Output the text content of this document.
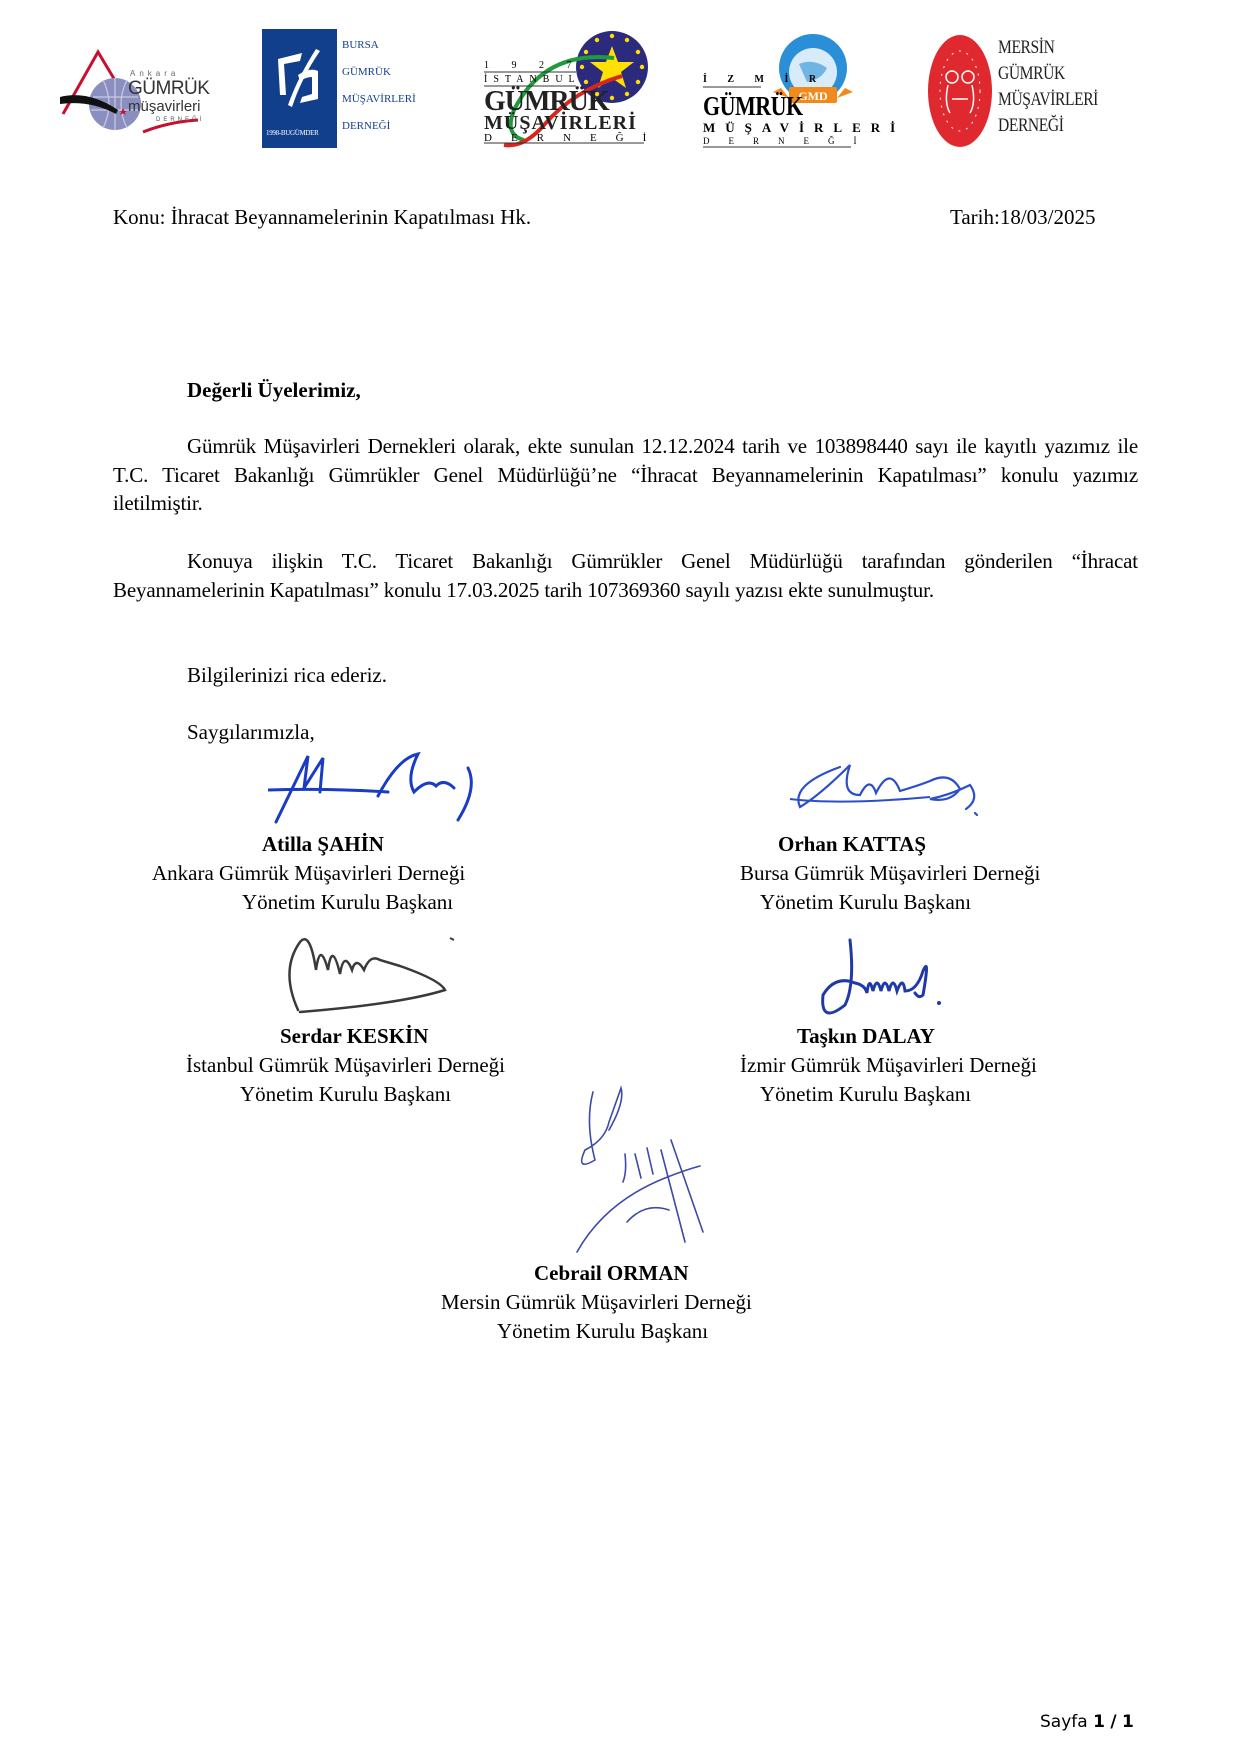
Ankara
GÜMRÜK
müşavirleri
DERNEĞİ
1998-BUGÜMDER
BURSA
GÜMRÜK
MÜŞAVİRLERİ
DERNEĞİ
1 9 2 7
İSTANBUL
GÜMRÜK
MÜŞAVİRLERİ
DERNEĞİ
GMD
İ Z M İ R
GÜMRÜK
MÜŞAVİRLERİ
DERNEĞİ
MERSİN
GÜMRÜK
MÜŞAVİRLERİ
DERNEĞİ
Konu: İhracat Beyannamelerinin Kapatılması Hk.	Tarih:18/03/2025
Değerli Üyelerimiz,
Gümrük Müşavirleri Dernekleri olarak, ekte sunulan 12.12.2024 tarih ve 103898440 sayı ile kayıtlı yazımız ile T.C. Ticaret Bakanlığı Gümrükler Genel Müdürlüğü’ne “İhracat Beyannamelerinin Kapatılması” konulu yazımız iletilmiştir.
Konuya ilişkin T.C. Ticaret Bakanlığı Gümrükler Genel Müdürlüğü tarafından gönderilen “İhracat Beyannamelerinin Kapatılması” konulu 17.03.2025 tarih 107369360 sayılı yazısı ekte sunulmuştur.
Bilgilerinizi rica ederiz.
Saygılarımızla,
Atilla ŞAHİN
Ankara Gümrük Müşavirleri Derneği
Yönetim Kurulu Başkanı
Orhan KATTAŞ
Bursa Gümrük Müşavirleri Derneği
Yönetim Kurulu Başkanı
Serdar KESKİN
İstanbul Gümrük Müşavirleri Derneği
Yönetim Kurulu Başkanı
Taşkın DALAY
İzmir Gümrük Müşavirleri Derneği
Yönetim Kurulu Başkanı
Cebrail ORMAN
Mersin Gümrük Müşavirleri Derneği
Yönetim Kurulu Başkanı
Sayfa 1 / 1
